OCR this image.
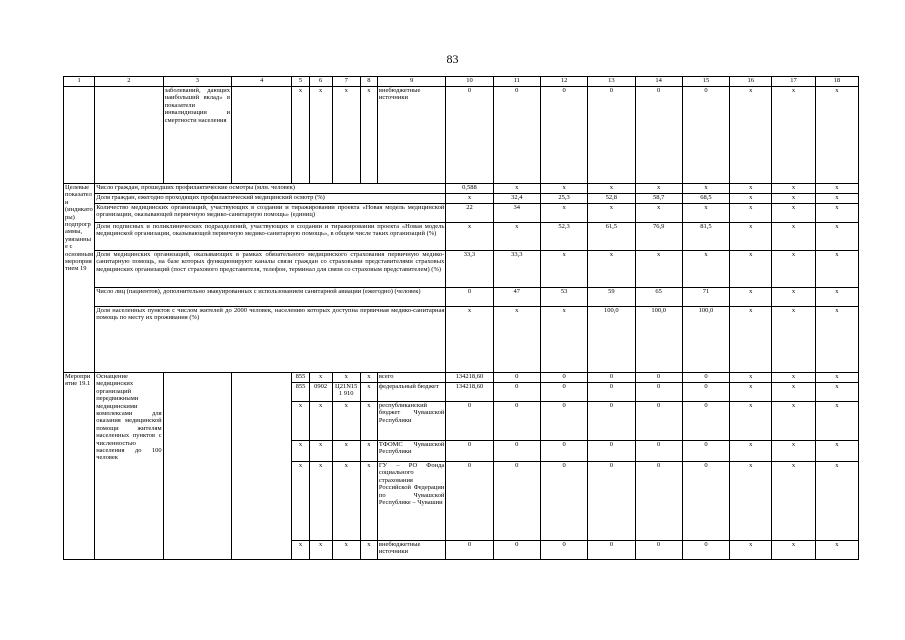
83
1	2	3	4	5	6	7	8	9	10	11	12	13	14	15	16	17	18
		заболеваний, дающих наибольший вклад» в показатели инвалидизации и смертности населения		x	x	x	x	внебюджетные источники	0	0	0	0	0	0	x	x	x
Целевые показатели (индикаторы) подпрограммы, увязанные с основным мероприятием 19	Число граждан, прошедших профилактические осмотры (млн. человек)								0,588	x	x	x	x	x	x	x	x
	Доля граждан, ежегодно проходящих профилактический медицинский осмотр (%)								x	32,4	25,3	52,8	58,7	68,5	x	x	x
	Количество медицинских организаций, участвующих в создании и тиражировании проекта «Новая модель медицинской организации, оказывающей первичную медико-санитарную помощь» (единиц)								22	34	x	x	x	x	x	x	x
	Доля подписных и поликлинических подразделений, участвующих в создании и тиражировании проекта «Новая модель медицинской организации, оказывающей первичную медико-санитарную помощь», в общем числе таких организаций (%)								x	x	52,3	61,5	76,9	81,5	x	x	x
	Доля медицинских организаций, оказывающих в рамках обязательного медицинского страхования первичную медико-санитарную помощь, на базе которых функционируют каналы связи граждан со страховыми представителями страховых медицинских организаций (пост страхового представителя, телефон, терминал для связи со страховым представителем) (%)								33,3	33,3	x	x	x	x	x	x	x
	Число лиц (пациентов), дополнительно эвакуированных с использованием санитарной авиации (ежегодно) (человек)								0	47	53	59	65	71	x	x	x
	Доля населенных пунктов с числом жителей до 2000 человек, населению которых доступна первичная медико-санитарная помощь по месту их проживания (%)								x	x	x	100,0	100,0	100,0	x	x	x
Мероприятие 19.1	Оснащение медицинских организаций передвижными медицинскими комплексами для оказания медицинской помощи жителям населенных пунктов с численностью населения до 100 человек			855	x	x	x	всего	134218,60	0	0	0	0	0	x	x	x
				855	0902	Ц21N151 910	x	федеральный бюджет	134218,60	0	0	0	0	0	x	x	x
				x	x	x	x	республиканский бюджет Чувашской Республики	0	0	0	0	0	0	x	x	x
				x	x	x	x	ТФОМС Чувашской Республики	0	0	0	0	0	0	x	x	x
				x	x	x	x	ГУ – РО Фонда социального страхования Российской Федерации по Чувашской Республике – Чувашии	0	0	0	0	0	0	x	x	x
				x	x	x	x	внебюджетные источники	0	0	0	0	0	0	x	x	x
